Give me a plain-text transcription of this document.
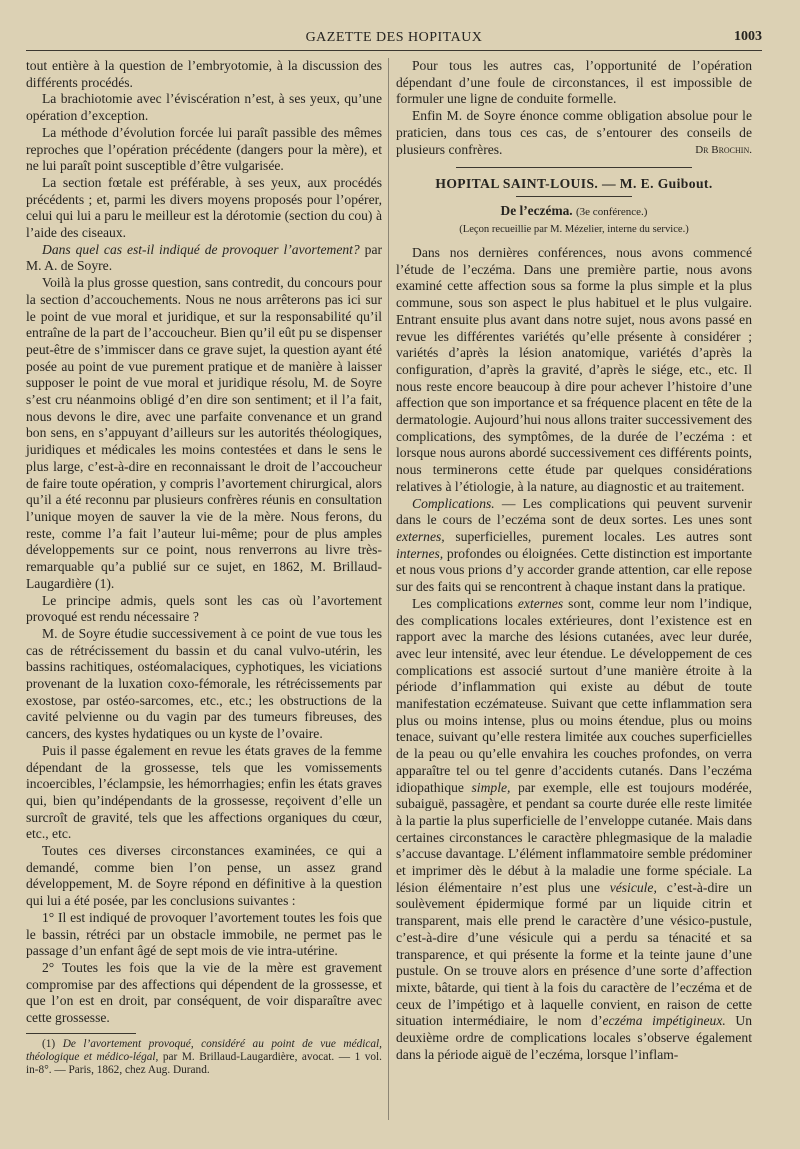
GAZETTE DES HOPITAUX	1003

tout entière à la question de l’embryotomie, à la discussion des différents procédés.

La brachiotomie avec l’éviscération n’est, à ses yeux, qu’une opération d’exception.

La méthode d’évolution forcée lui paraît passible des mêmes reproches que l’opération précédente (dangers pour la mère), et ne lui paraît point susceptible d’être vulgarisée.

La section fœtale est préférable, à ses yeux, aux procédés précédents ; et, parmi les divers moyens proposés pour l’opérer, celui qui lui a paru le meilleur est la dérotomie (section du cou) à l’aide des ciseaux.

Dans quel cas est-il indiqué de provoquer l’avortement? par M. A. de Soyre.

Voilà la plus grosse question, sans contredit, du concours pour la section d’accouchements. Nous ne nous arrêterons pas ici sur le point de vue moral et juridique, et sur la responsabilité qu’il entraîne de la part de l’accoucheur. Bien qu’il eût pu se dispenser peut-être de s’immiscer dans ce grave sujet, la question ayant été posée au point de vue purement pratique et de manière à laisser supposer le point de vue moral et juridique résolu, M. de Soyre s’est cru néanmoins obligé d’en dire son sentiment; et il l’a fait, nous devons le dire, avec une parfaite convenance et un grand bon sens, en s’appuyant d’ailleurs sur les autorités théologiques, juridiques et médicales les moins contestées et dans le sens le plus large, c’est-à-dire en reconnaissant le droit de l’accoucheur de faire toute opération, y compris l’avortement chirurgical, alors qu’il a été reconnu par plusieurs confrères réunis en consultation l’unique moyen de sauver la vie de la mère. Nous ferons, du reste, comme l’a fait l’auteur lui-même; pour de plus amples développements sur ce point, nous renverrons au livre très-remarquable qu’a publié sur ce sujet, en 1862, M. Brillaud-Laugardière (1).

Le principe admis, quels sont les cas où l’avortement provoqué est rendu nécessaire ?

M. de Soyre étudie successivement à ce point de vue tous les cas de rétrécissement du bassin et du canal vulvo-utérin, les bassins rachitiques, ostéomalaciques, cyphotiques, les viciations provenant de la luxation coxo-fémorale, les rétrécissements par exostose, par ostéo-sarcomes, etc., etc.; les obstructions de la cavité pelvienne ou du vagin par des tumeurs fibreuses, des cancers, des kystes hydatiques ou un kyste de l’ovaire.

Puis il passe également en revue les états graves de la femme dépendant de la grossesse, tels que les vomissements incoercibles, l’éclampsie, les hémorrhagies; enfin les états graves qui, bien qu’indépendants de la grossesse, reçoivent d’elle un surcroît de gravité, tels que les affections organiques du cœur, etc., etc.

Toutes ces diverses circonstances examinées, ce qui a demandé, comme bien l’on pense, un assez grand développement, M. de Soyre répond en définitive à la question qui lui a été posée, par les conclusions suivantes :

1° Il est indiqué de provoquer l’avortement toutes les fois que le bassin, rétréci par un obstacle immobile, ne permet pas le passage d’un enfant âgé de sept mois de vie intra-utérine.

2° Toutes les fois que la vie de la mère est gravement compromise par des affections qui dépendent de la grossesse, et que l’on est en droit, par conséquent, de voir disparaître avec cette grossesse.

(1) De l’avortement provoqué, considéré au point de vue médical, théologique et médico-légal, par M. Brillaud-Laugardière, avocat. — 1 vol. in-8°. — Paris, 1862, chez Aug. Durand.

Pour tous les autres cas, l’opportunité de l’opération dépendant d’une foule de circonstances, il est impossible de formuler une ligne de conduite formelle.

Enfin M. de Soyre énonce comme obligation absolue pour le praticien, dans tous ces cas, de s’entourer des conseils de plusieurs confrères.	Dr Brochin.
HOPITAL SAINT-LOUIS. — M. E. Guibout.
De l’eczéma. (3e conférence.)
(Leçon recueillie par M. Mézelier, interne du service.)

Dans nos dernières conférences, nous avons commencé l’étude de l’eczéma. Dans une première partie, nous avons examiné cette affection sous sa forme la plus simple et la plus commune, sous son aspect le plus habituel et le plus vulgaire. Entrant ensuite plus avant dans notre sujet, nous avons passé en revue les différentes variétés qu’elle présente à considérer ; variétés d’après la lésion anatomique, variétés d’après la configuration, d’après la gravité, d’après le siége, etc., etc. Il nous reste encore beaucoup à dire pour achever l’histoire d’une affection que son importance et sa fréquence placent en tête de la dermatologie. Aujourd’hui nous allons traiter successivement des complications, des symptômes, de la durée de l’eczéma : et lorsque nous aurons abordé successivement ces différents points, nous terminerons cette étude par quelques considérations relatives à l’étiologie, à la nature, au diagnostic et au traitement.

Complications. — Les complications qui peuvent survenir dans le cours de l’eczéma sont de deux sortes. Les unes sont externes, superficielles, purement locales. Les autres sont internes, profondes ou éloignées. Cette distinction est importante et nous vous prions d’y accorder grande attention, car elle repose sur des faits qui se rencontrent à chaque instant dans la pratique.

Les complications externes sont, comme leur nom l’indique, des complications locales extérieures, dont l’existence est en rapport avec la marche des lésions cutanées, avec leur durée, avec leur intensité, avec leur étendue. Le développement de ces complications est associé surtout d’une manière étroite à la période d’inflammation qui existe au début de toute manifestation eczémateuse. Suivant que cette inflammation sera plus ou moins intense, plus ou moins étendue, plus ou moins tenace, suivant qu’elle restera limitée aux couches superficielles de la peau ou qu’elle envahira les couches profondes, on verra apparaître tel ou tel genre d’accidents cutanés. Dans l’eczéma idiopathique simple, par exemple, elle est toujours modérée, subaiguë, passagère, et pendant sa courte durée elle reste limitée à la partie la plus superficielle de l’enveloppe cutanée. Mais dans certaines circonstances le caractère phlegmasique de la maladie s’accuse davantage. L’élément inflammatoire semble prédominer et imprimer dès le début à la maladie une forme spéciale. La lésion élémentaire n’est plus une vésicule, c’est-à-dire un soulèvement épidermique formé par un liquide citrin et transparent, mais elle prend le caractère d’une vésico-pustule, c’est-à-dire d’une vésicule qui a perdu sa ténacité et sa transparence, et qui présente la forme et la teinte jaune d’une pustule. On se trouve alors en présence d’une sorte d’affection mixte, bâtarde, qui tient à la fois du caractère de l’eczéma et de ceux de l’impétigo et à laquelle convient, en raison de cette situation intermédiaire, le nom d’eczéma impétigineux. Un deuxième ordre de complications locales s’observe également dans la période aiguë de l’eczéma, lorsque l’inflam-
